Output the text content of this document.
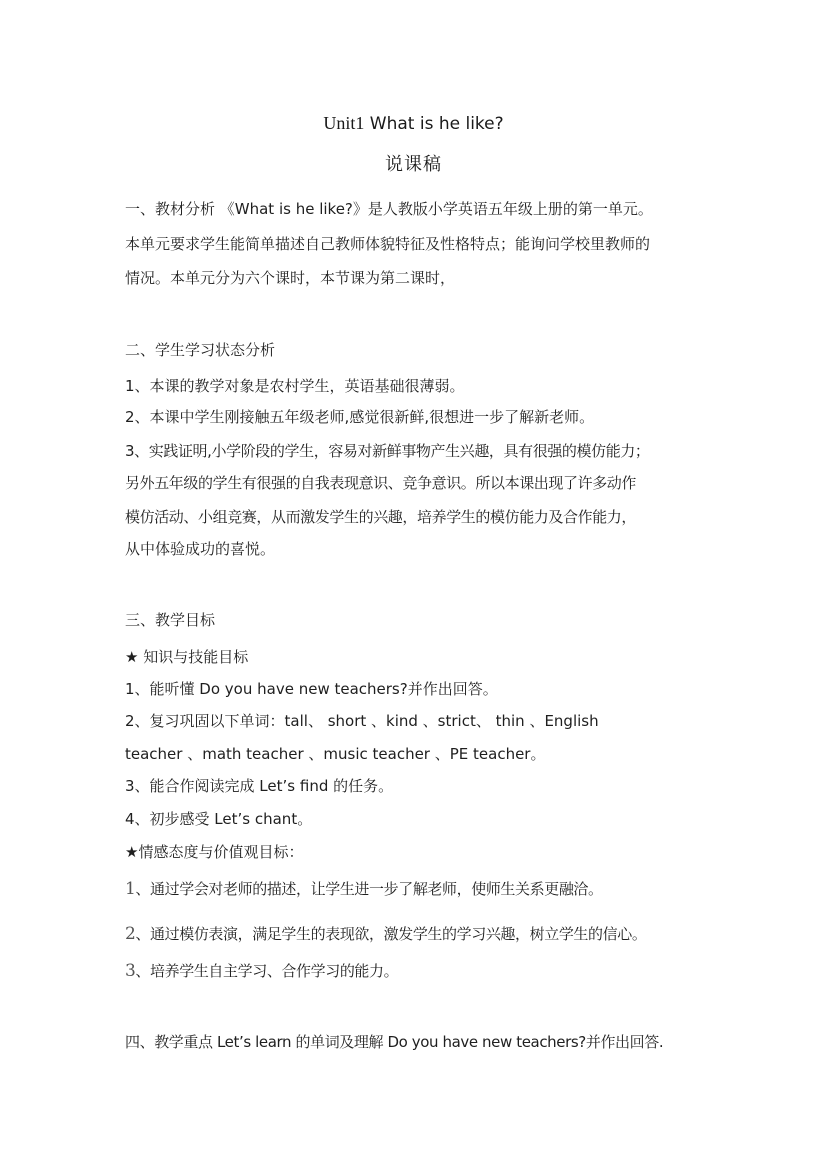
Unit1 What is he like?
说课稿
一、教材分析 《What is he like?》是人教版小学英语五年级上册的第一单元。
本单元要求学生能简单描述自己教师体貌特征及性格特点；能询问学校里教师的
情况。本单元分为六个课时，本节课为第二课时，
二、学生学习状态分析
1、本课的教学对象是农村学生，英语基础很薄弱。
2、本课中学生刚接触五年级老师,感觉很新鲜,很想进一步了解新老师。
3、实践证明,小学阶段的学生，容易对新鲜事物产生兴趣，具有很强的模仿能力；
另外五年级的学生有很强的自我表现意识、竞争意识。所以本课出现了许多动作
模仿活动、小组竞赛，从而激发学生的兴趣，培养学生的模仿能力及合作能力，
从中体验成功的喜悦。
三、教学目标
★ 知识与技能目标
1、能听懂 Do you have new teachers?并作出回答。
2、复习巩固以下单词：tall、 short 、kind 、strict、 thin 、English
teacher 、math teacher 、music teacher 、PE teacher。
3、能合作阅读完成 Let’s find 的任务。
4、初步感受 Let’s chant。
★情感态度与价值观目标：
1、通过学会对老师的描述，让学生进一步了解老师，使师生关系更融洽。
2、通过模仿表演，满足学生的表现欲，激发学生的学习兴趣，树立学生的信心。
3、培养学生自主学习、合作学习的能力。
四、教学重点 Let’s learn 的单词及理解 Do you have new teachers?并作出回答.
